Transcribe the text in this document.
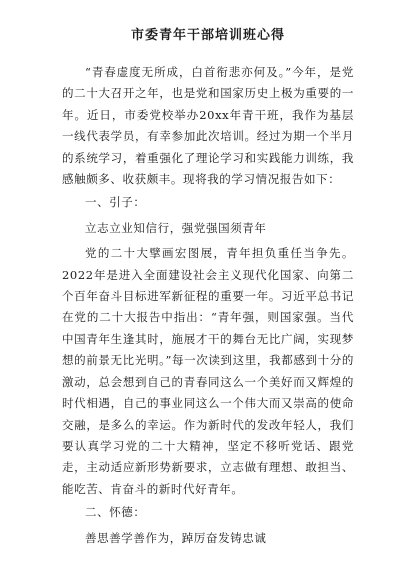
市委青年干部培训班心得

“青春虚度无所成，白首衔悲亦何及。”今年，是党的二十大召开之年，也是党和国家历史上极为重要的一年。近日，市委党校举办20xx年青干班，我作为基层一线代表学员，有幸参加此次培训。经过为期一个半月的系统学习，着重强化了理论学习和实践能力训练，我感触颇多、收获颇丰。现将我的学习情况报告如下：

一、引子：

立志立业知信行，强党强国须青年

党的二十大擘画宏图展，青年担负重任当争先。2022年是进入全面建设社会主义现代化国家、向第二个百年奋斗目标进军新征程的重要一年。习近平总书记在党的二十大报告中指出：“青年强，则国家强。当代中国青年生逢其时，施展才干的舞台无比广阔，实现梦想的前景无比光明。”每一次读到这里，我都感到十分的激动，总会想到自己的青春同这么一个美好而又辉煌的时代相遇，自己的事业同这么一个伟大而又崇高的使命交融，是多么的幸运。作为新时代的发改年轻人，我们要认真学习党的二十大精神，坚定不移听党话、跟党走，主动适应新形势新要求，立志做有理想、敢担当、能吃苦、肯奋斗的新时代好青年。

二、怀德：

善思善学善作为，踔厉奋发铸忠诚
